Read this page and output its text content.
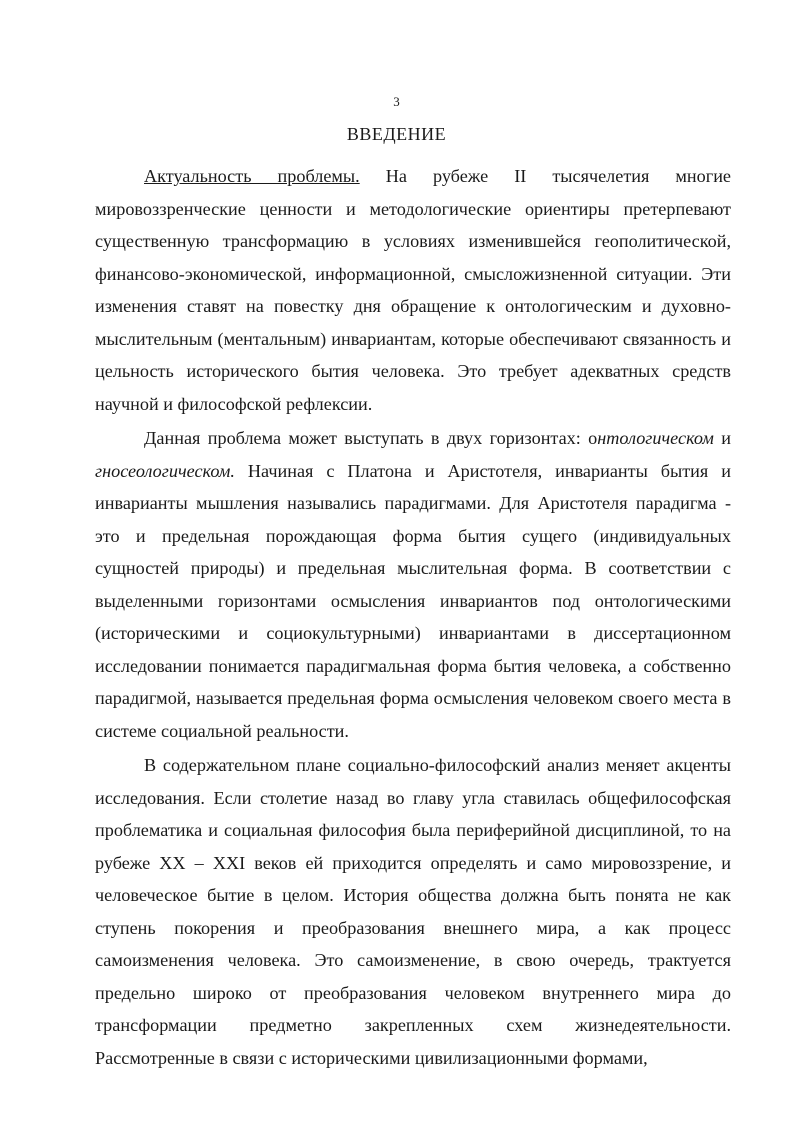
3
ВВЕДЕНИЕ

Актуальность проблемы. На рубеже II тысячелетия многие мировоззренческие ценности и методологические ориентиры претерпевают существенную трансформацию в условиях изменившейся геополитической, финансово-экономической, информационной, смысложизненной ситуации. Эти изменения ставят на повестку дня обращение к онтологическим и духовно-мыслительным (ментальным) инвариантам, которые обеспечивают связанность и цельность исторического бытия человека. Это требует адекватных средств научной и философской рефлексии.

Данная проблема может выступать в двух горизонтах: онтологическом и гносеологическом. Начиная с Платона и Аристотеля, инварианты бытия и инварианты мышления назывались парадигмами. Для Аристотеля парадигма - это и предельная порождающая форма бытия сущего (индивидуальных сущностей природы) и предельная мыслительная форма. В соответствии с выделенными горизонтами осмысления инвариантов под онтологическими (историческими и социокультурными) инвариантами в диссертационном исследовании понимается парадигмальная форма бытия человека, а собственно парадигмой, называется предельная форма осмысления человеком своего места в системе социальной реальности.

В содержательном плане социально-философский анализ меняет акценты исследования. Если столетие назад во главу угла ставилась общефилософская проблематика и социальная философия была периферийной дисциплиной, то на рубеже XX – XXI веков ей приходится определять и само мировоззрение, и человеческое бытие в целом. История общества должна быть понята не как ступень покорения и преобразования внешнего мира, а как процесс самоизменения человека. Это самоизменение, в свою очередь, трактуется предельно широко от преобразования человеком внутреннего мира до трансформации предметно закрепленных схем жизнедеятельности. Рассмотренные в связи с историческими цивилизационными формами,
